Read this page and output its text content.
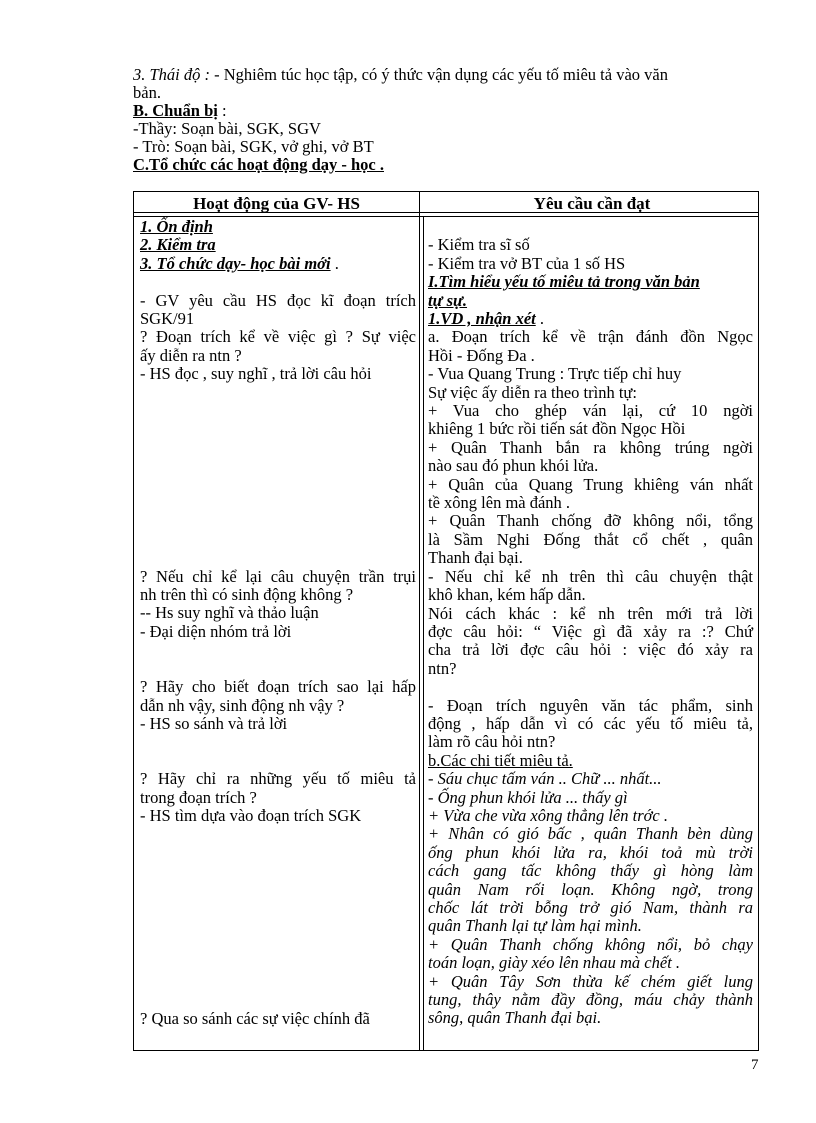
3. Thái độ : - Nghiêm túc học tập, có ý thức vận dụng các yếu tố miêu tả vào văn
bản.
B. Chuẩn bị :
-Thầy: Soạn bài, SGK, SGV
- Trò: Soạn bài, SGK, vở ghi, vở BT
C.Tổ chức các hoạt động dạy - học .
Hoạt động của GV- HS	Yêu cầu cần đạt
1. Ổn định
2. Kiểm tra
3. Tổ chức dạy- học bài mới .
- GV yêu cầu HS đọc kĩ đoạn trích
SGK/91
? Đoạn trích kể về việc gì ? Sự việc
ấy diễn ra ntn ?
- HS đọc , suy nghĩ , trả lời câu hỏi
? Nếu chỉ kể lại câu chuyện trần trụi
nh trên thì có sinh động không ?
-- Hs suy nghĩ và thảo luận
- Đại diện nhóm trả lời
? Hãy cho biết đoạn trích sao lại hấp
dẫn nh vậy, sinh động nh vậy ?
- HS so sánh và trả lời
? Hãy chỉ ra những yếu tố miêu tả
trong đoạn trích ?
- HS tìm dựa vào đoạn trích SGK
? Qua so sánh các sự việc chính đã
- Kiểm tra sĩ số
- Kiểm tra vở BT của 1 số HS
I.Tìm hiểu yếu tố miêu tả trong văn bản
tự sự.
1.VD , nhận xét .
a. Đoạn trích kể về trận đánh đồn Ngọc
Hồi - Đống Đa .
- Vua Quang Trung : Trực tiếp chỉ huy
Sự việc ấy diễn ra theo trình tự:
+ Vua cho ghép ván lại, cứ 10 ngời
khiêng 1 bức rồi tiến sát đồn Ngọc Hồi
+ Quân Thanh bắn ra không trúng ngời
nào sau đó phun khói lửa.
+ Quân của Quang Trung khiêng ván nhất
tề xông lên mà đánh .
+ Quân Thanh chống đỡ không nổi, tổng
là Sầm Nghi Đống thắt cổ chết , quân
Thanh đại bại.
- Nếu chỉ kể nh trên thì câu chuyện thật
khô khan, kém hấp dẫn.
Nói cách khác : kể nh trên mới trả lời
đợc câu hỏi: “ Việc gì đã xảy ra :? Chứ
cha trả lời đợc câu hỏi : việc đó xảy ra
ntn?
- Đoạn trích nguyên văn tác phẩm, sinh
động , hấp dẫn vì có các yếu tố miêu tả,
làm rõ câu hỏi ntn?
b.Các chi tiết miêu tả.
- Sáu chục tấm ván .. Chữ ... nhất...
- Ống phun khói lửa ... thấy gì
+ Vừa che vừa xông thẳng lên trớc .
+ Nhân có gió bấc , quân Thanh bèn dùng
ống phun khói lửa ra, khói toả mù trời
cách gang tấc không thấy gì hòng làm
quân Nam rối loạn. Không ngờ, trong
chốc lát trời bỗng trở gió Nam, thành ra
quân Thanh lại tự làm hại mình.
+ Quân Thanh chống không nổi, bỏ chạy
toán loạn, giày xéo lên nhau mà chết .
+ Quân Tây Sơn thừa kế chém giết lung
tung, thây nằm đầy đồng, máu chảy thành
sông, quân Thanh đại bại.
7
